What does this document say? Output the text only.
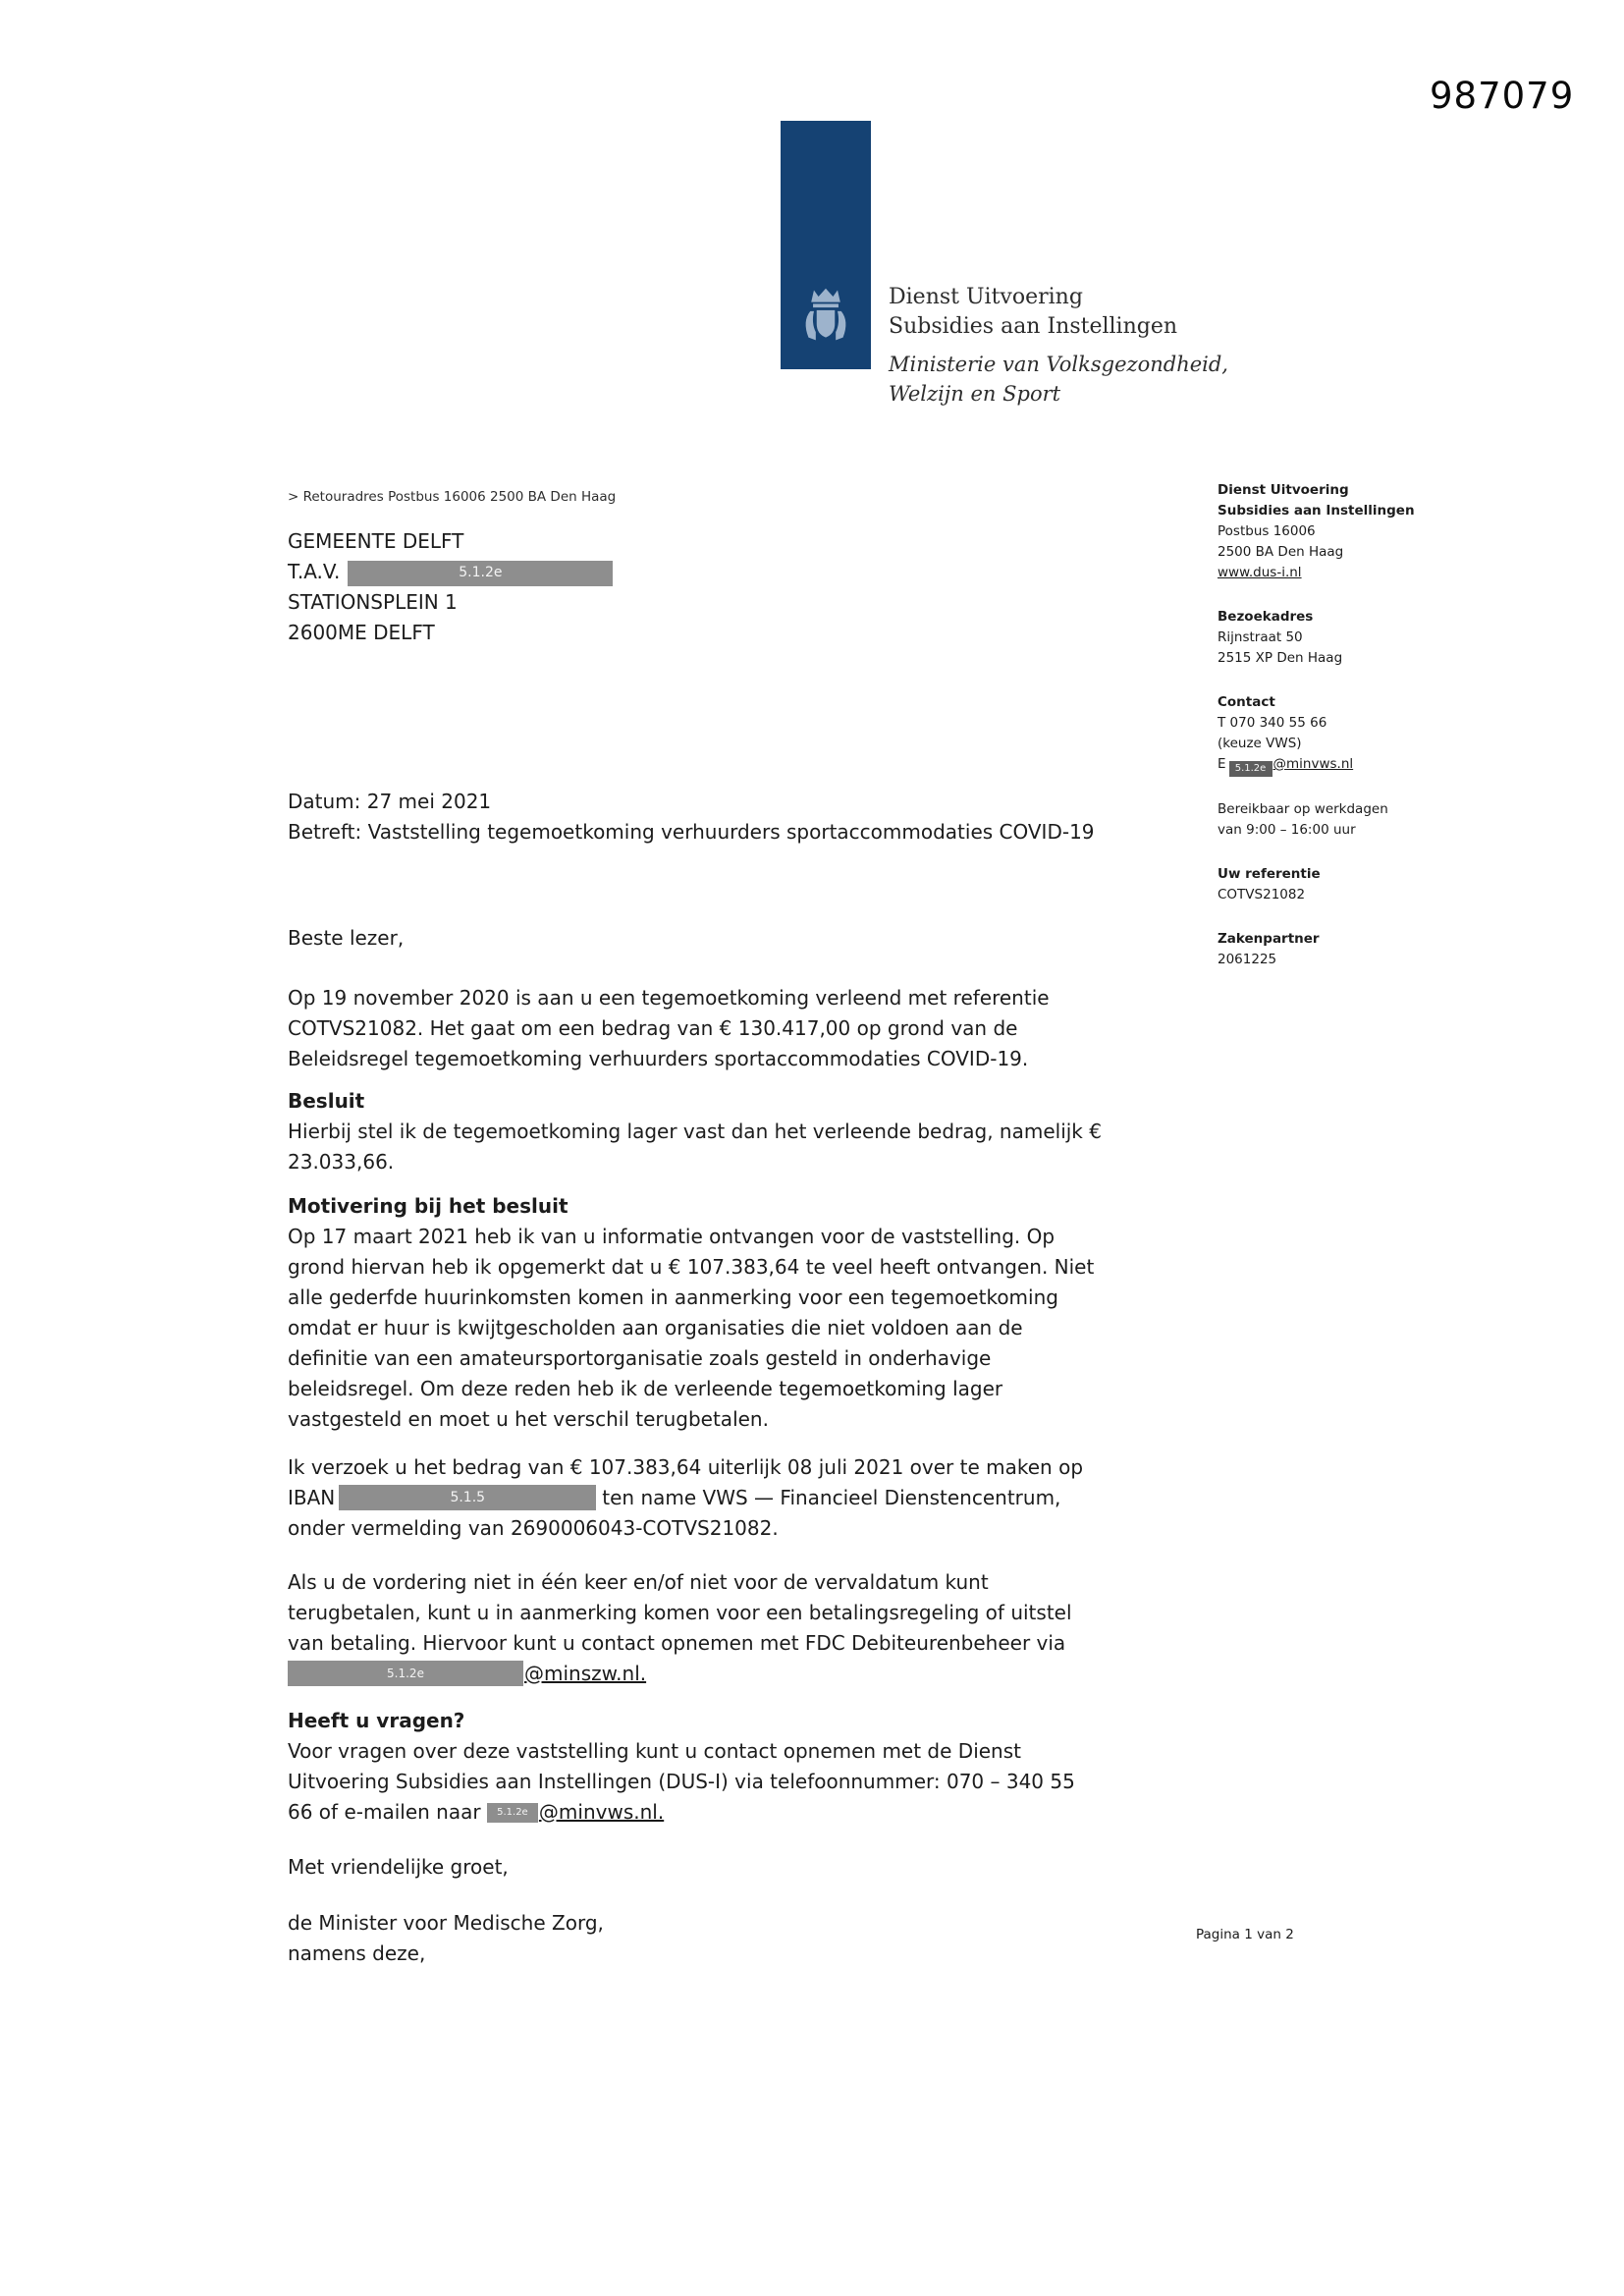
987079
Dienst Uitvoering
Subsidies aan Instellingen
Ministerie van Volksgezondheid,
Welzijn en Sport
> Retouradres Postbus 16006 2500 BA Den Haag
GEMEENTE DELFT
T.A.V.	5.1.2e
STATIONSPLEIN 1
2600ME DELFT
Datum: 27 mei 2021
Betreft: Vaststelling tegemoetkoming verhuurders sportaccommodaties COVID-19
Beste lezer,
Op 19 november 2020 is aan u een tegemoetkoming verleend met referentie COTVS21082. Het gaat om een bedrag van € 130.417,00 op grond van de Beleidsregel tegemoetkoming verhuurders sportaccommodaties COVID-19.
Besluit
Hierbij stel ik de tegemoetkoming lager vast dan het verleende bedrag, namelijk € 23.033,66.
Motivering bij het besluit
Op 17 maart 2021 heb ik van u informatie ontvangen voor de vaststelling. Op grond hiervan heb ik opgemerkt dat u € 107.383,64 te veel heeft ontvangen. Niet alle gederfde huurinkomsten komen in aanmerking voor een tegemoetkoming omdat er huur is kwijtgescholden aan organisaties die niet voldoen aan de definitie van een amateursportorganisatie zoals gesteld in onderhavige beleidsregel. Om deze reden heb ik de verleende tegemoetkoming lager vastgesteld en moet u het verschil terugbetalen.
Ik verzoek u het bedrag van € 107.383,64 uiterlijk 08 juli 2021 over te maken op IBAN	5.1.5	ten name VWS — Financieel Dienstencentrum, onder vermelding van 2690006043-COTVS21082.
Als u de vordering niet in één keer en/of niet voor de vervaldatum kunt terugbetalen, kunt u in aanmerking komen voor een betalingsregeling of uitstel van betaling. Hiervoor kunt u contact opnemen met FDC Debiteurenbeheer via 5.1.2e	@minszw.nl.
Heeft u vragen?
Voor vragen over deze vaststelling kunt u contact opnemen met de Dienst Uitvoering Subsidies aan Instellingen (DUS-I) via telefoonnummer: 070 – 340 55 66 of e-mailen naar 5.1.2e @minvws.nl.
Met vriendelijke groet,
de Minister voor Medische Zorg,
namens deze,
Pagina 1 van 2
Dienst Uitvoering
Subsidies aan Instellingen
Postbus 16006
2500 BA Den Haag
www.dus-i.nl
Bezoekadres
Rijnstraat 50
2515 XP Den Haag
Contact
T 070 340 55 66
(keuze VWS)
E 5.1.2e @minvws.nl
Bereikbaar op werkdagen
van 9:00 – 16:00 uur
Uw referentie
COTVS21082
Zakenpartner
2061225
